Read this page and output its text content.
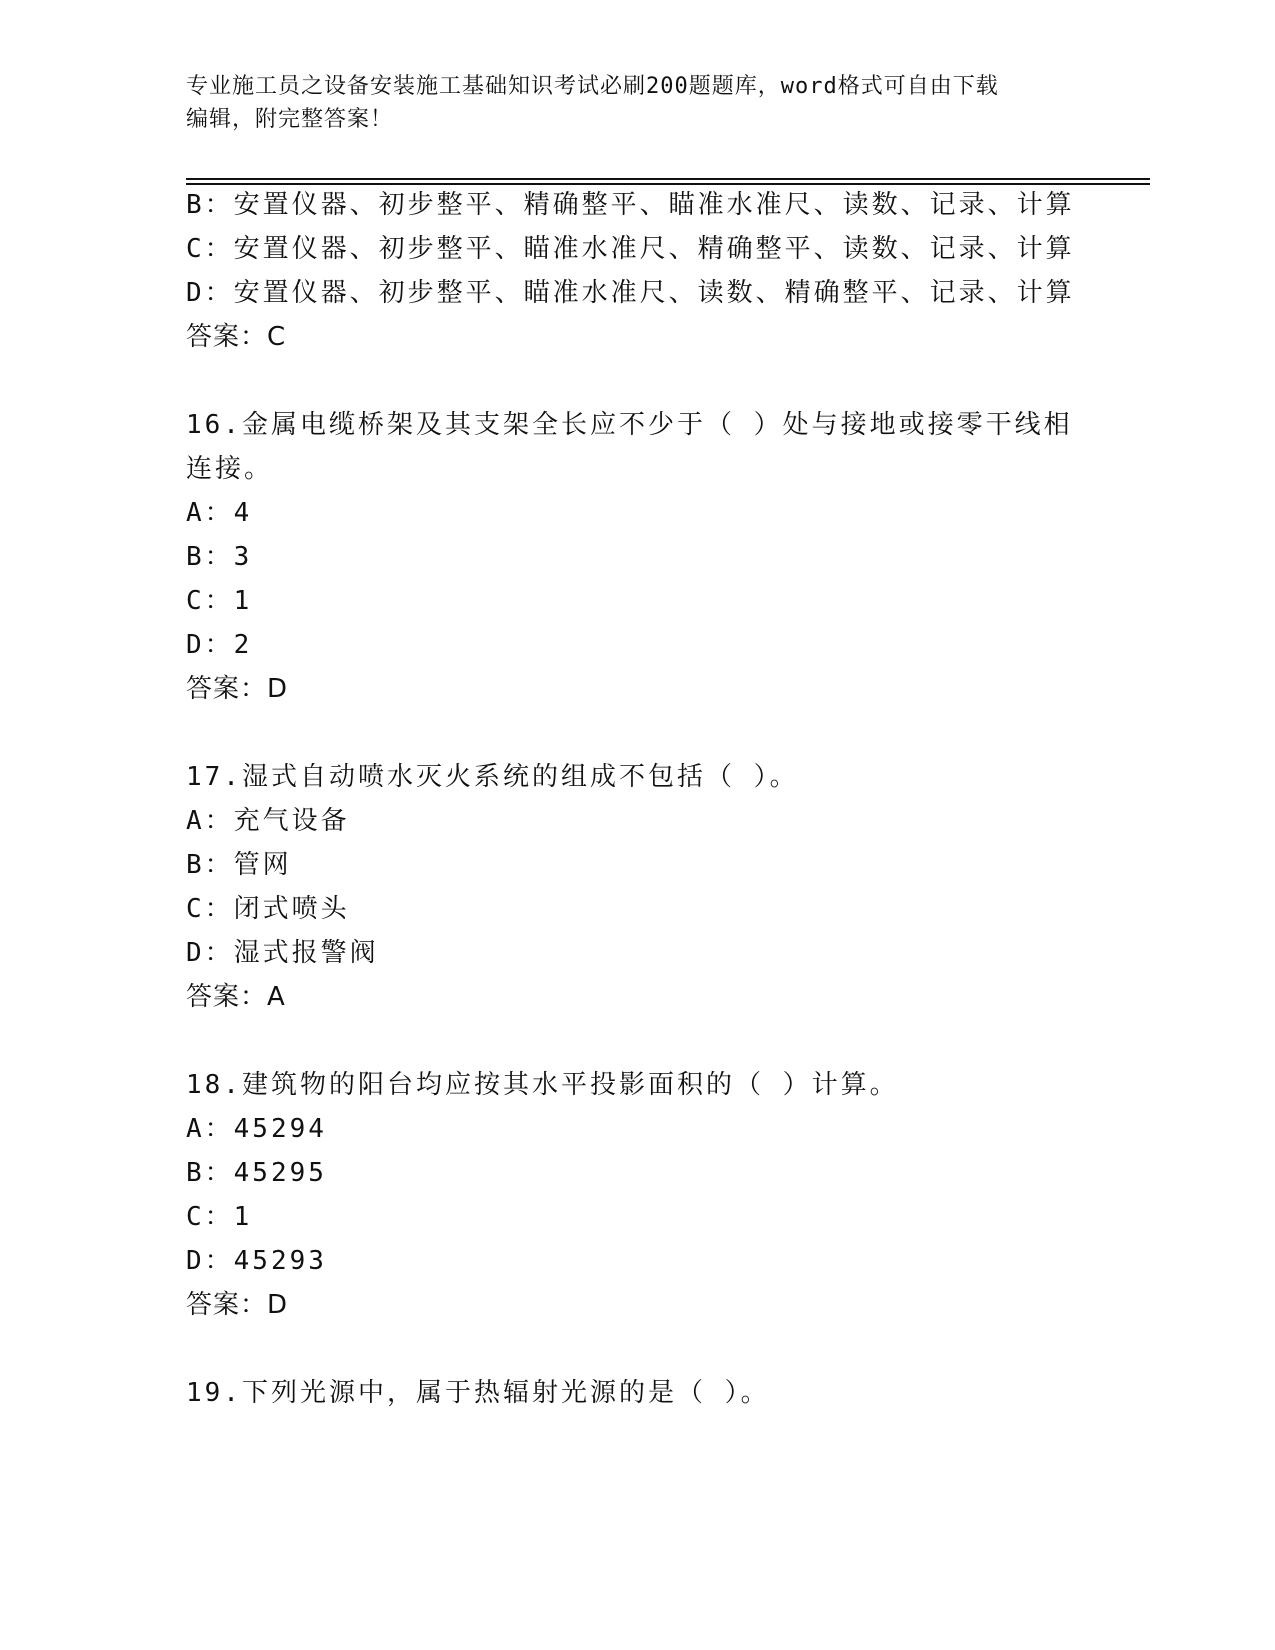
专业施工员之设备安装施工基础知识考试必刷200题题库，word格式可自由下载
编辑，附完整答案！
B：安置仪器、初步整平、精确整平、瞄准水准尺、读数、记录、计算
C：安置仪器、初步整平、瞄准水准尺、精确整平、读数、记录、计算
D：安置仪器、初步整平、瞄准水准尺、读数、精确整平、记录、计算
答案：C
16.金属电缆桥架及其支架全长应不少于（ ）处与接地或接零干线相
连接。
A：4
B：3
C：1
D：2
答案：D
17.湿式自动喷水灭火系统的组成不包括（ ）。
A：充气设备
B：管网
C：闭式喷头
D：湿式报警阀
答案：A
18.建筑物的阳台均应按其水平投影面积的（ ）计算。
A：45294
B：45295
C：1
D：45293
答案：D
19.下列光源中，属于热辐射光源的是（ ）。
